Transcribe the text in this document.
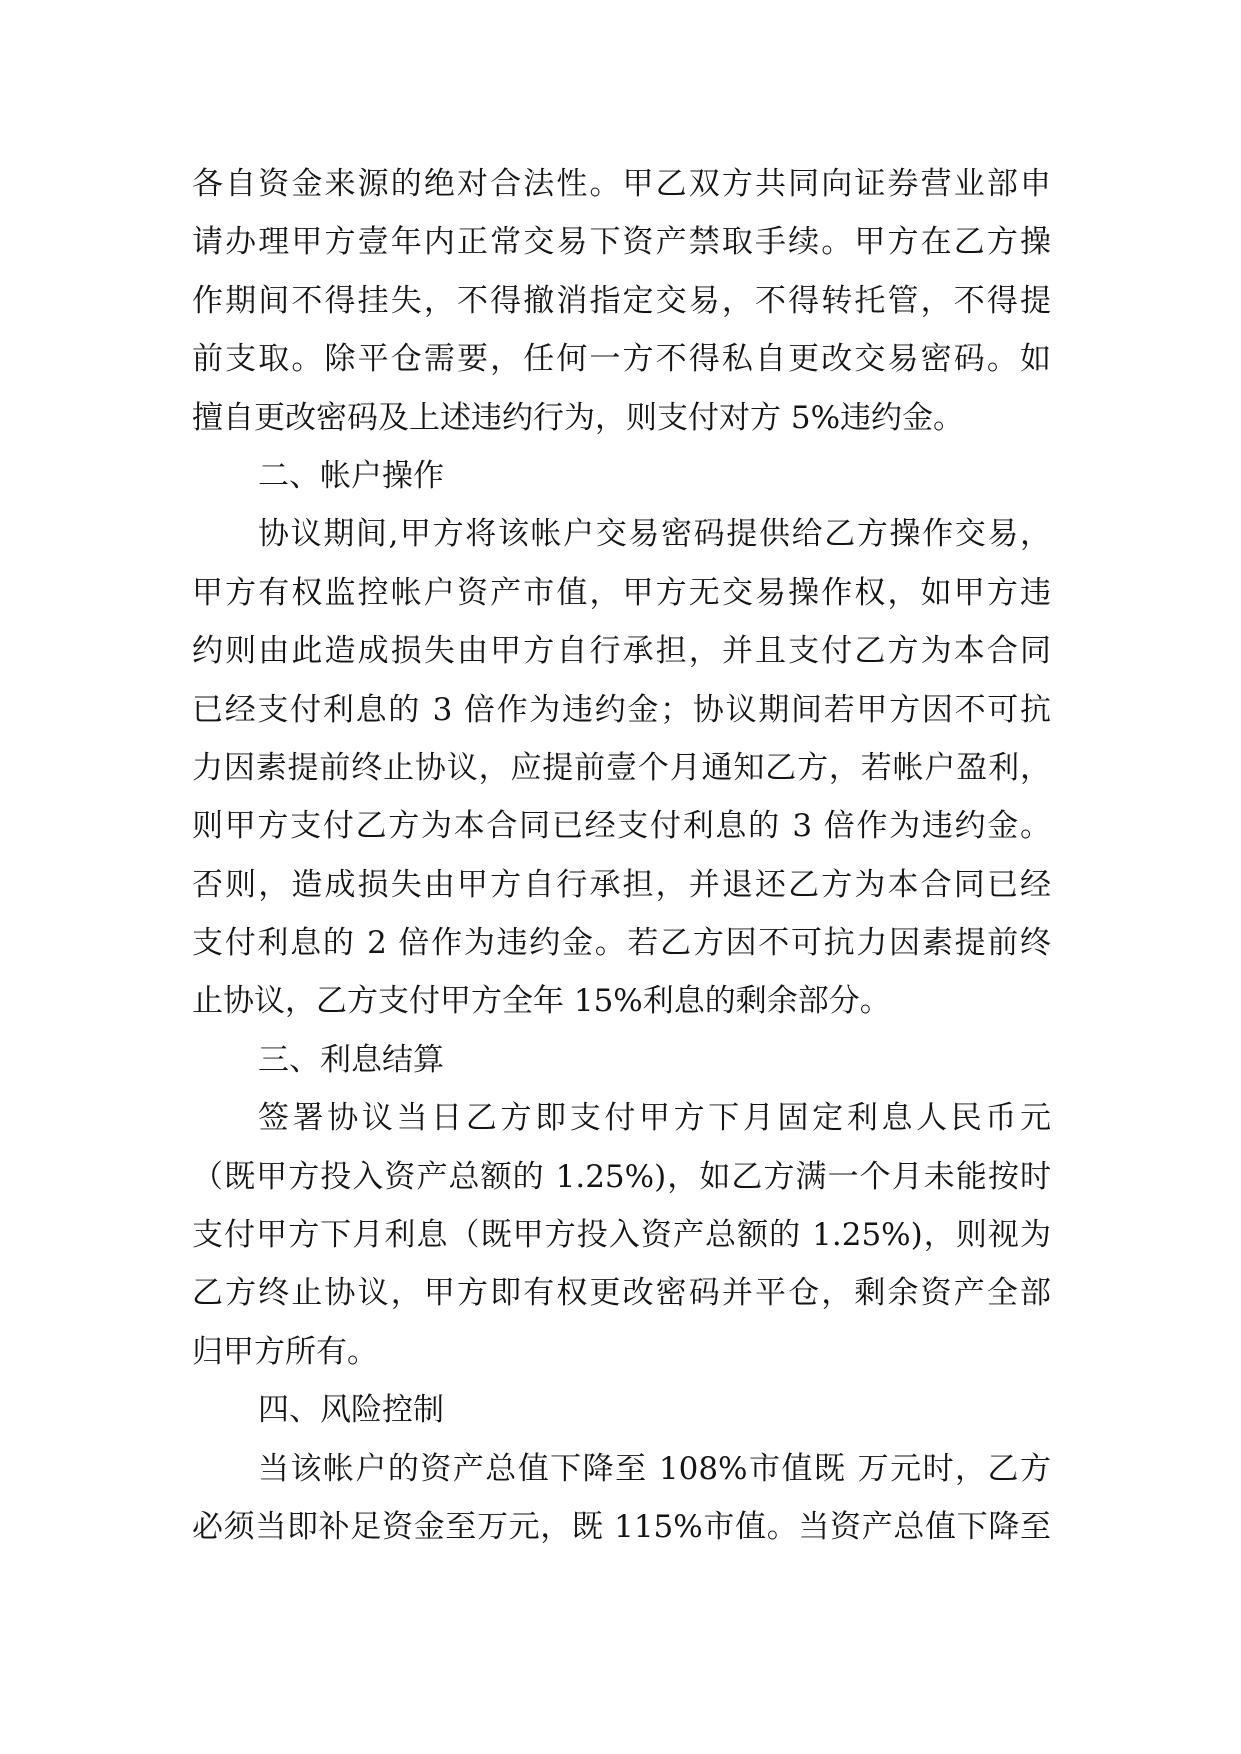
各自资金来源的绝对合法性。甲乙双方共同向证券营业部申
请办理甲方壹年内正常交易下资产禁取手续。甲方在乙方操
作期间不得挂失，不得撤消指定交易，不得转托管，不得提
前支取。除平仓需要，任何一方不得私自更改交易密码。如
擅自更改密码及上述违约行为，则支付对方 5%违约金。
二、帐户操作
协议期间,甲方将该帐户交易密码提供给乙方操作交易，
甲方有权监控帐户资产市值，甲方无交易操作权，如甲方违
约则由此造成损失由甲方自行承担，并且支付乙方为本合同
已经支付利息的 3 倍作为违约金；协议期间若甲方因不可抗
力因素提前终止协议，应提前壹个月通知乙方，若帐户盈利，
则甲方支付乙方为本合同已经支付利息的 3 倍作为违约金。
否则，造成损失由甲方自行承担，并退还乙方为本合同已经
支付利息的 2 倍作为违约金。若乙方因不可抗力因素提前终
止协议，乙方支付甲方全年 15%利息的剩余部分。
三、利息结算
签署协议当日乙方即支付甲方下月固定利息人民币元
（既甲方投入资产总额的 1.25%)，如乙方满一个月未能按时
支付甲方下月利息（既甲方投入资产总额的 1.25%)，则视为
乙方终止协议，甲方即有权更改密码并平仓，剩余资产全部
归甲方所有。
四、风险控制
当该帐户的资产总值下降至 108%市值既 万元时，乙方
必须当即补足资金至万元，既 115%市值。当资产总值下降至
